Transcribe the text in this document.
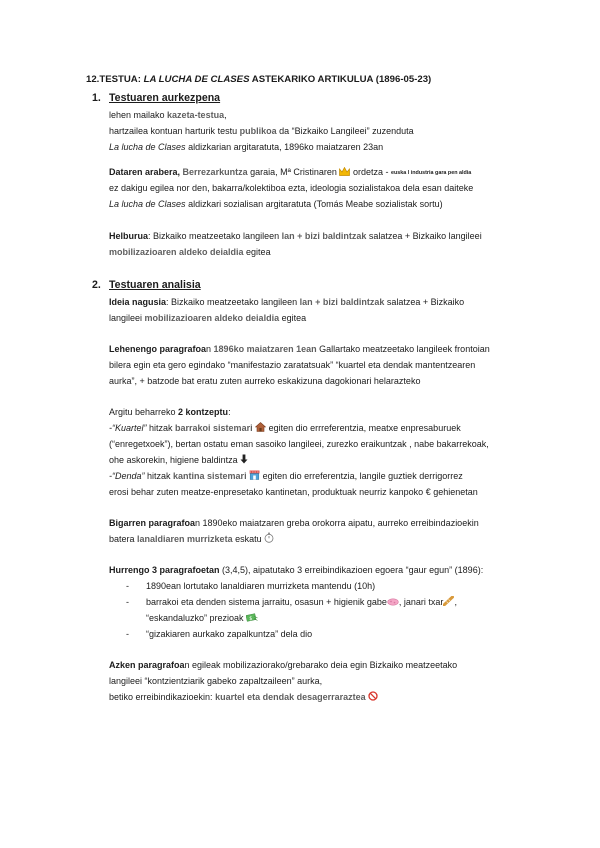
12.TESTUA: LA LUCHA DE CLASES ASTEKARIKO ARTIKULUA (1896-05-23)
1. Testuaren aurkezpena
lehen mailako kazeta-testua,
hartzailea kontuan harturik testu publikoa da “Bizkaiko Langileei” zuzenduta
La lucha de Clases aldizkarian argitaratuta, 1896ko maiatzaren 23an
Dataren arabera, Berrezarkuntza garaia, Mª Cristinaren  ordetza - euska l industria gara pen aldia
ez dakigu egilea nor den, bakarra/kolektiboa ezta, ideologia sozialistakoa dela esan daiteke
La lucha de Clases aldizkari sozialisan argitaratuta (Tomás Meabe sozialistak sortu)
Helburua: Bizkaiko meatzeetako langileen lan + bizi baldintzak salatzea + Bizkaiko langileei
mobilizazioaren aldeko deialdia egitea
2. Testuaren analisia
Ideia nagusia: Bizkaiko meatzeetako langileen lan + bizi baldintzak salatzea + Bizkaiko
langileei mobilizazioaren aldeko deialdia egitea
Lehenengo paragrafoan 1896ko maiatzaren 1ean Gallartako meatzeetako langileek frontoian
bilera egin eta gero egindako “manifestazio zaratatsuak” “kuartel eta dendak mantentzearen
aurka”, + batzode bat eratu zuten aurreko eskakizuna dagokionari helarazteko
Argitu beharreko 2 kontzeptu:
-“Kuartel” hitzak barrakoi sistemari  egiten dio errreferentzia, meatxe enpresaburuek
(“enregetxoek”), bertan ostatu eman sasoiko langileei, zurezko eraikuntzak , nabe bakarrekoak,
ohe askorekin, higiene baldintza
-“Denda” hitzak kantina sistemari  egiten dio erreferentzia, langile guztiek derrigorrez
erosi behar zuten meatze-enpresetako kantinetan, produktuak neurriz kanpoko € gehienetan
Bigarren paragrafoan 1890eko maiatzaren greba orokorra aipatu, aurreko erreibindazioekin
batera lanaldiaren murrizketa eskatu
Hurrengo 3 paragrafoetan (3,4,5), aipatutako 3 erreibindikazioen egoera “gaur egun” (1896):
- 1890ean lortutako lanaldiaren murrizketa mantendu (10h)
- barrakoi eta denden sistema jarraitu, osasun + higienik gabe , janari txar ,
“eskandaluzko” prezioak $
- “gizakiaren aurkako zapalkuntza” dela dio
Azken paragrafoan egileak mobilizaziorako/grebarako deia egin Bizkaiko meatzeetako
langileei “kontzientziarik gabeko zapaltzaileen” aurka,
betiko erreibindikazioekin: kuartel eta dendak desagerraraztea
